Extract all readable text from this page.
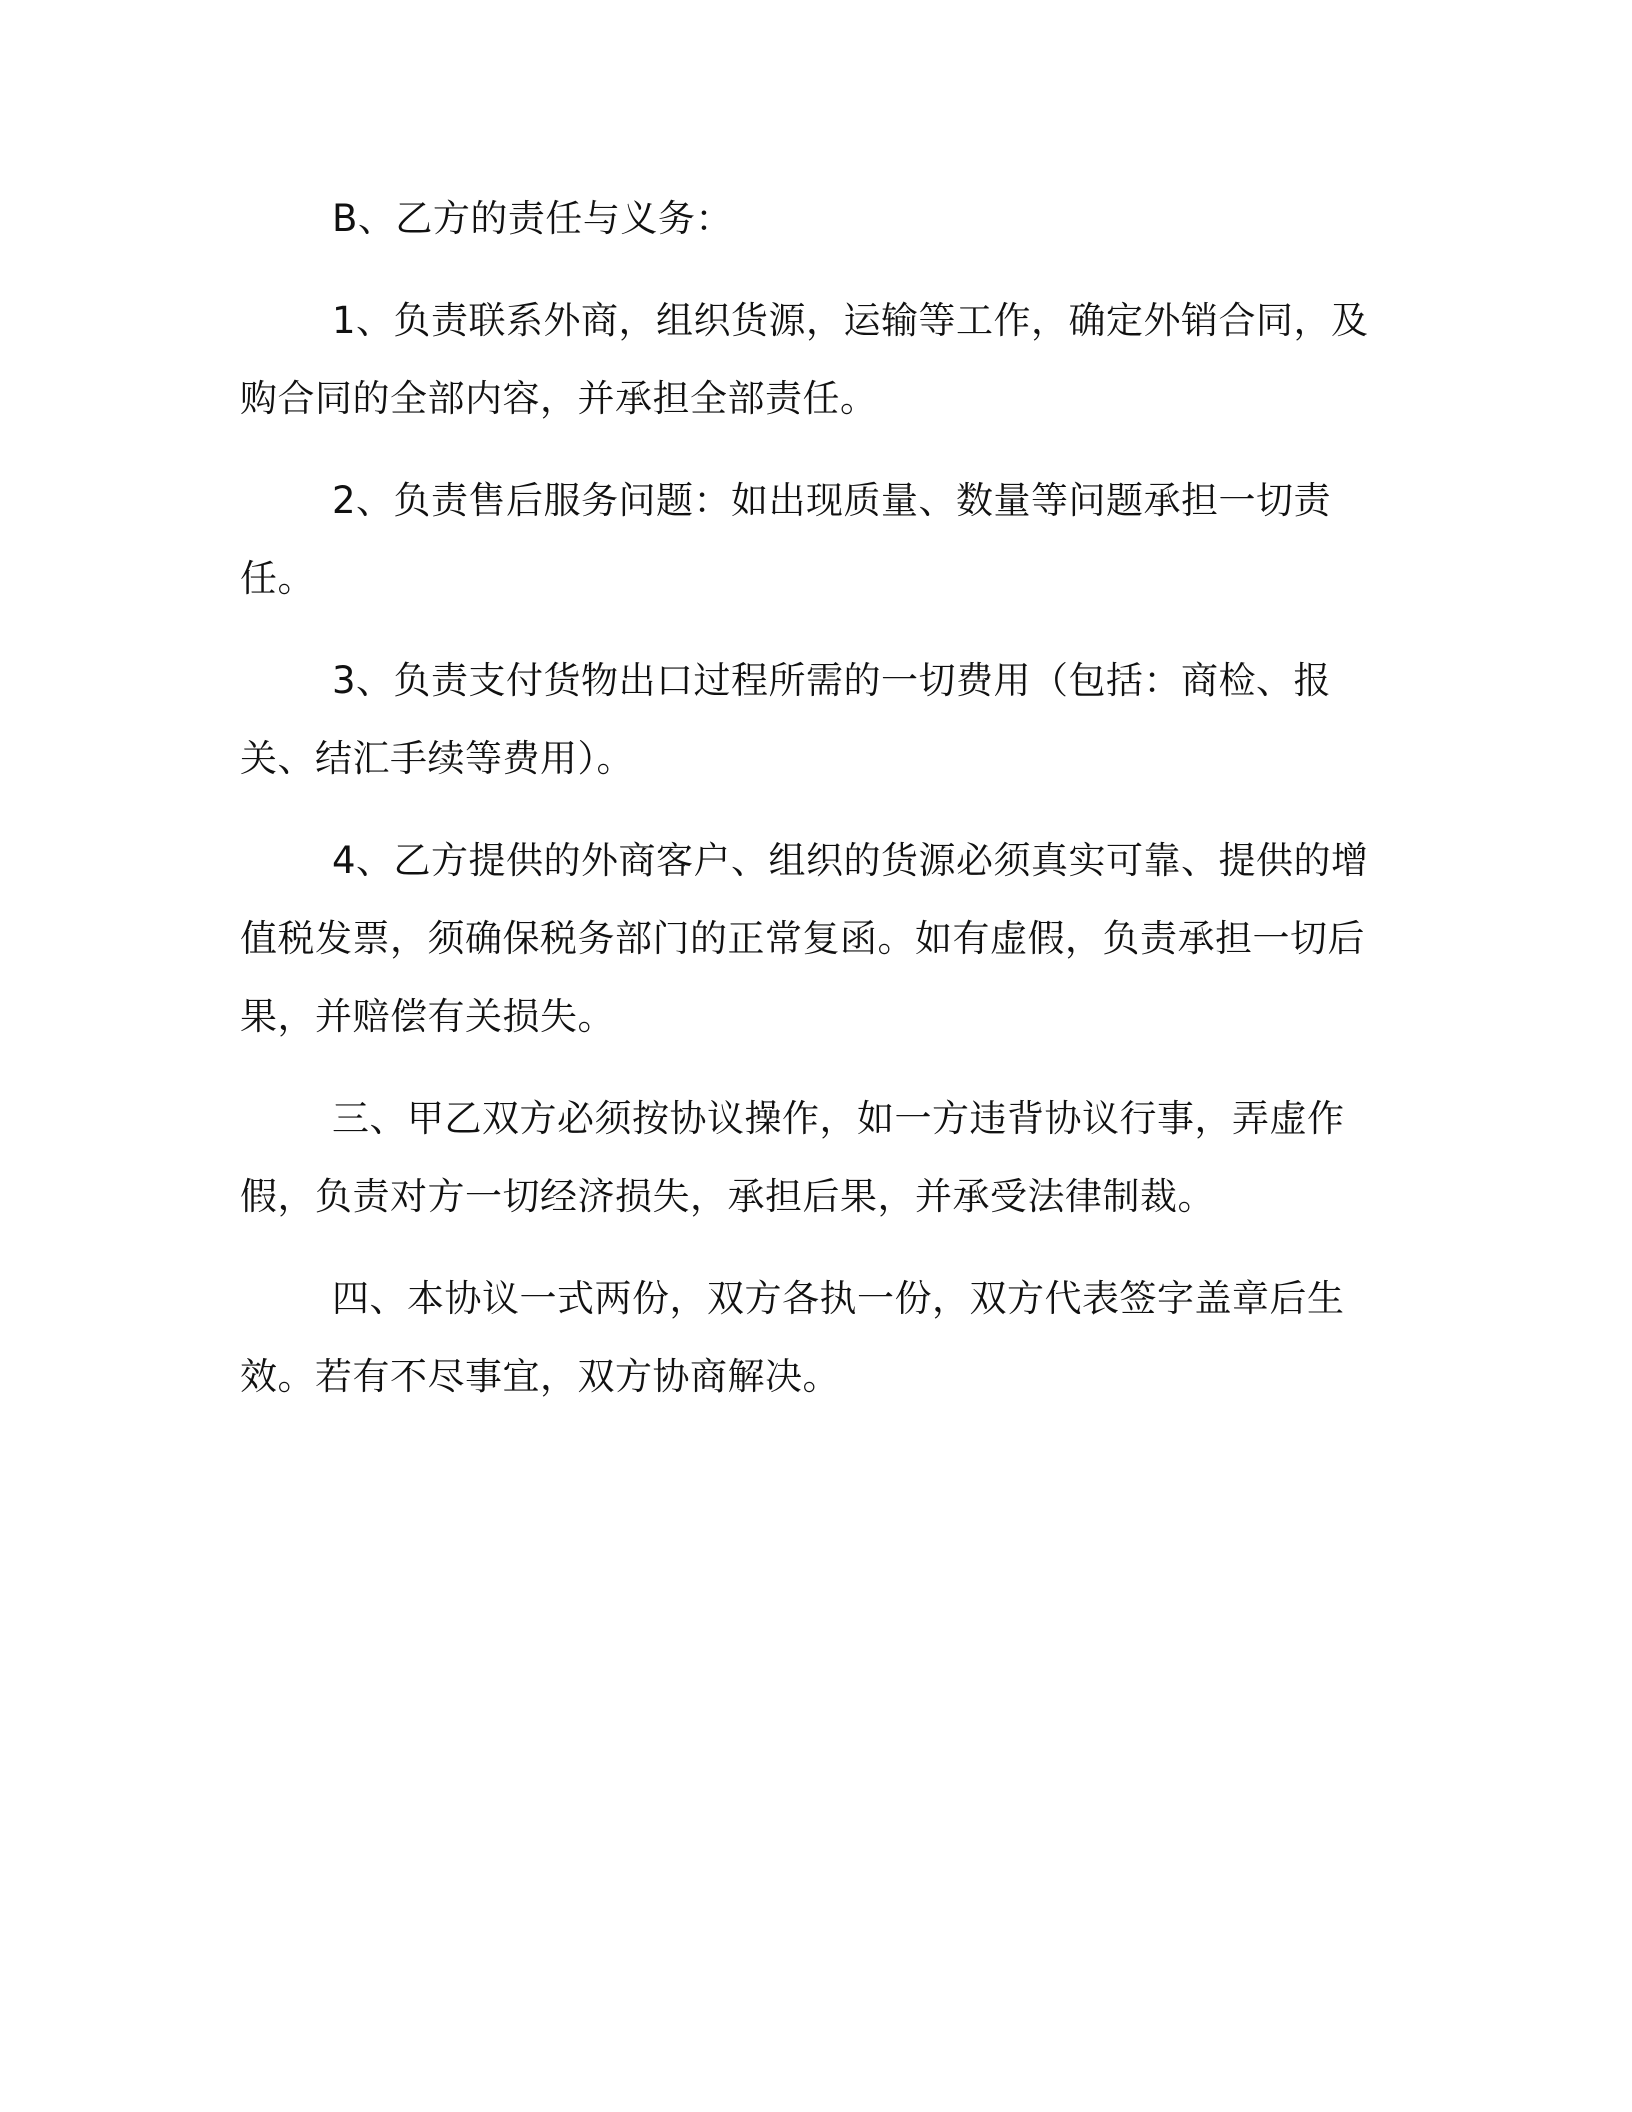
B、乙方的责任与义务：

1、负责联系外商，组织货源，运输等工作，确定外销合同，及购合同的全部内容，并承担全部责任。

2、负责售后服务问题：如出现质量、数量等问题承担一切责任。

3、负责支付货物出口过程所需的一切费用（包括：商检、报关、结汇手续等费用）。

4、乙方提供的外商客户、组织的货源必须真实可靠、提供的增值税发票，须确保税务部门的正常复函。如有虚假，负责承担一切后果，并赔偿有关损失。

三、甲乙双方必须按协议操作，如一方违背协议行事，弄虚作假，负责对方一切经济损失，承担后果，并承受法律制裁。

四、本协议一式两份，双方各执一份，双方代表签字盖章后生效。若有不尽事宜，双方协商解决。
